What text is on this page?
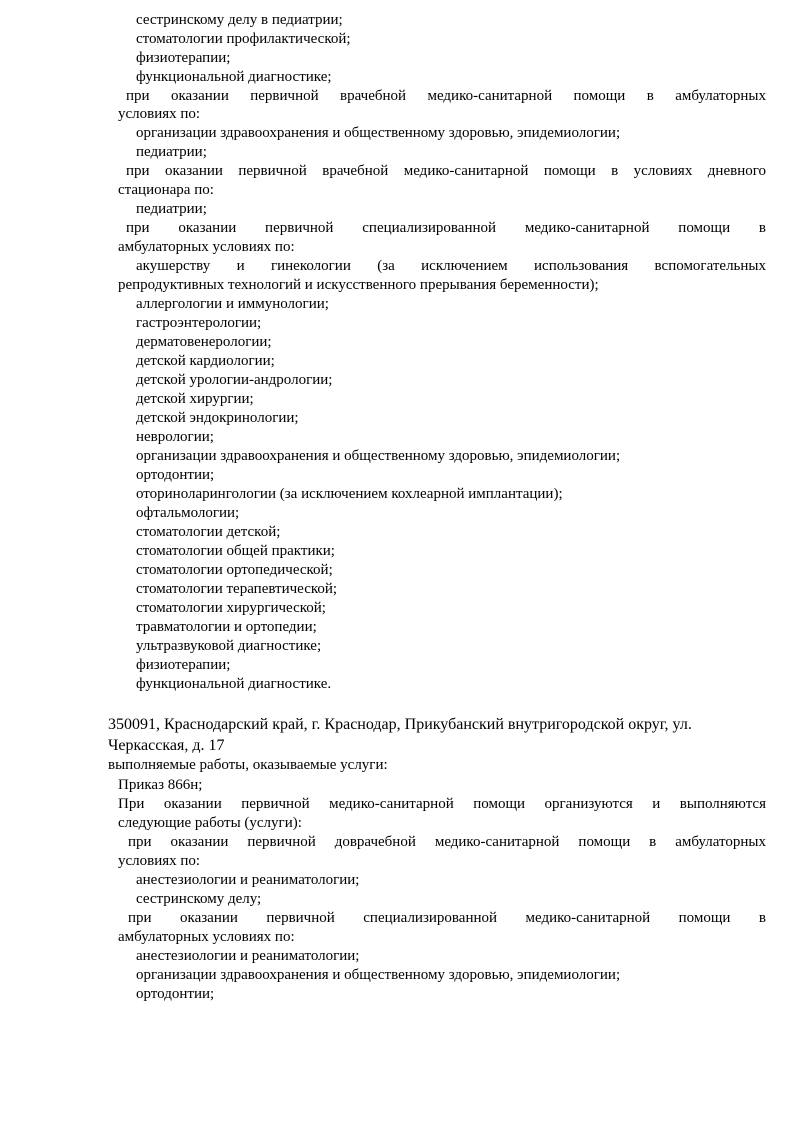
сестринскому делу в педиатрии;
стоматологии профилактической;
физиотерапии;
функциональной диагностике;
при оказании первичной врачебной медико-санитарной помощи в амбулаторных
условиях по:
организации здравоохранения и общественному здоровью, эпидемиологии;
педиатрии;
при оказании первичной врачебной медико-санитарной помощи в условиях дневного
стационара по:
педиатрии;
при оказании первичной специализированной медико-санитарной помощи в
амбулаторных условиях по:
акушерству и гинекологии (за исключением использования вспомогательных
репродуктивных технологий и искусственного прерывания беременности);
аллергологии и иммунологии;
гастроэнтерологии;
дерматовенерологии;
детской кардиологии;
детской урологии-андрологии;
детской хирургии;
детской эндокринологии;
неврологии;
организации здравоохранения и общественному здоровью, эпидемиологии;
ортодонтии;
оториноларингологии (за исключением кохлеарной имплантации);
офтальмологии;
стоматологии детской;
стоматологии общей практики;
стоматологии ортопедической;
стоматологии терапевтической;
стоматологии хирургической;
травматологии и ортопедии;
ультразвуковой диагностике;
физиотерапии;
функциональной диагностике.
350091, Краснодарский край, г. Краснодар, Прикубанский внутригородской округ, ул.
Черкасская, д. 17
выполняемые работы, оказываемые услуги:
Приказ 866н;
При оказании первичной медико-санитарной помощи организуются и выполняются
следующие работы (услуги):
при оказании первичной доврачебной медико-санитарной помощи в амбулаторных
условиях по:
анестезиологии и реаниматологии;
сестринскому делу;
при оказании первичной специализированной медико-санитарной помощи в
амбулаторных условиях по:
анестезиологии и реаниматологии;
организации здравоохранения и общественному здоровью, эпидемиологии;
ортодонтии;
